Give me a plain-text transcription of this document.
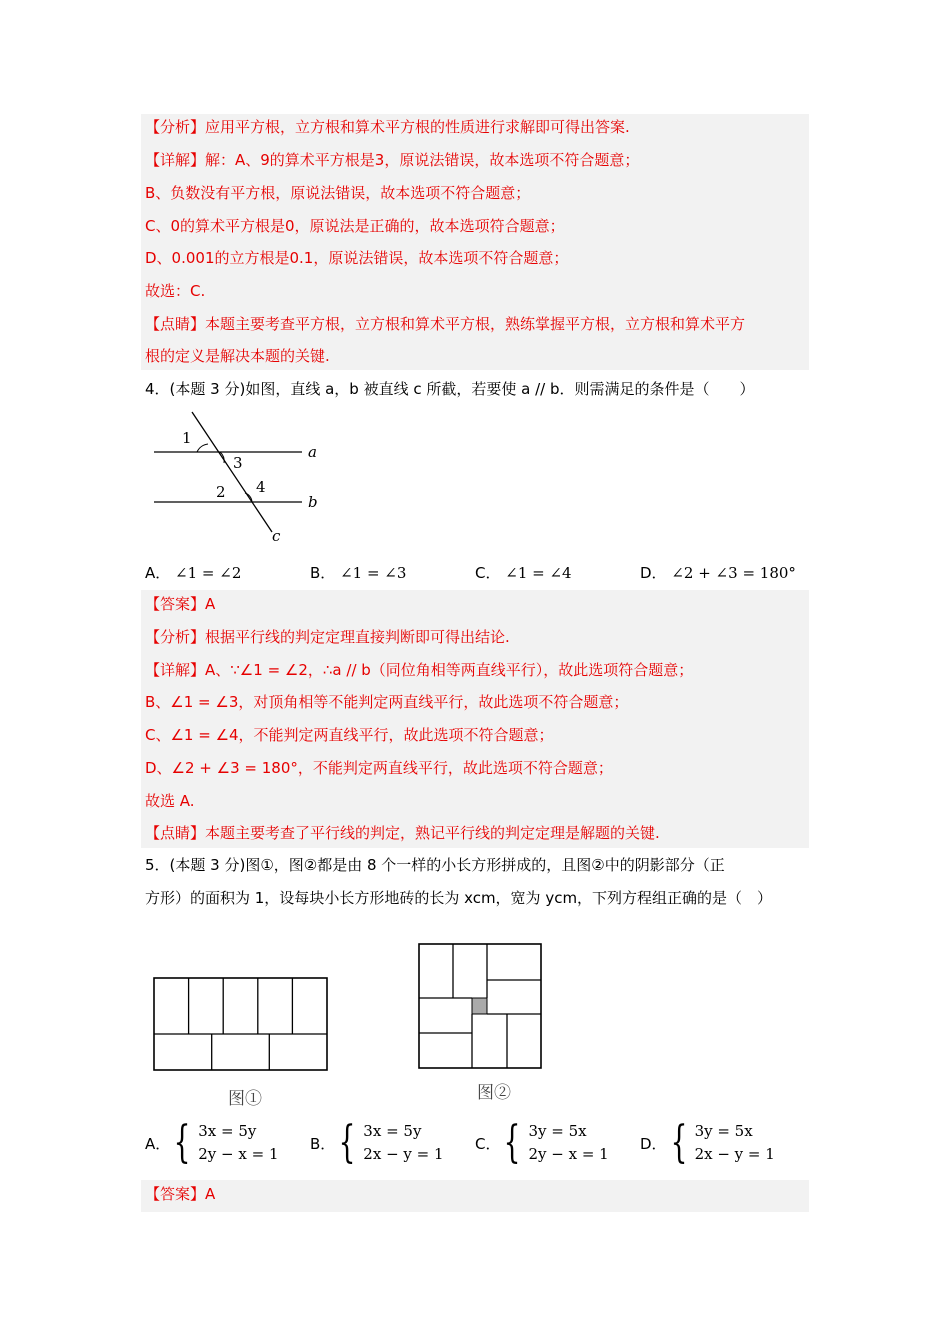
【分析】应用平方根，立方根和算术平方根的性质进行求解即可得出答案.
【详解】解：A、9的算术平方根是3，原说法错误，故本选项不符合题意；
B、负数没有平方根，原说法错误，故本选项不符合题意；
C、0的算术平方根是0，原说法是正确的，故本选项符合题意；
D、0.001的立方根是0.1，原说法错误，故本选项不符合题意；
故选：C.
【点睛】本题主要考查平方根，立方根和算术平方根，熟练掌握平方根，立方根和算术平方
根的定义是解决本题的关键.
4．(本题 3 分)如图，直线 a，b 被直线 c 所截，若要使 a // b．则需满足的条件是（　　）
1
3
2 4
a
b
c
A． ∠1 = ∠2	B． ∠1 = ∠3	C． ∠1 = ∠4	D． ∠2 + ∠3 = 180°
【答案】A
【分析】根据平行线的判定定理直接判断即可得出结论.
【详解】A、∵∠1 = ∠2，∴a // b（同位角相等两直线平行），故此选项符合题意；
B、∠1 = ∠3，对顶角相等不能判定两直线平行，故此选项不符合题意；
C、∠1 = ∠4，不能判定两直线平行，故此选项不符合题意；
D、∠2 + ∠3 = 180°，不能判定两直线平行，故此选项不符合题意；
故选 A.
【点睛】本题主要考查了平行线的判定，熟记平行线的判定定理是解题的关键.
5．(本题 3 分)图①，图②都是由 8 个一样的小长方形拼成的，且图②中的阴影部分（正
方形）的面积为 1，设每块小长方形地砖的长为 xcm，宽为 ycm，下列方程组正确的是（　）
图①	图②
A． { 3x = 5y
2y − x = 1
B． { 3x = 5y
2x − y = 1
C． { 3y = 5x
2y − x = 1
D． { 3y = 5x
2x − y = 1
【答案】A
